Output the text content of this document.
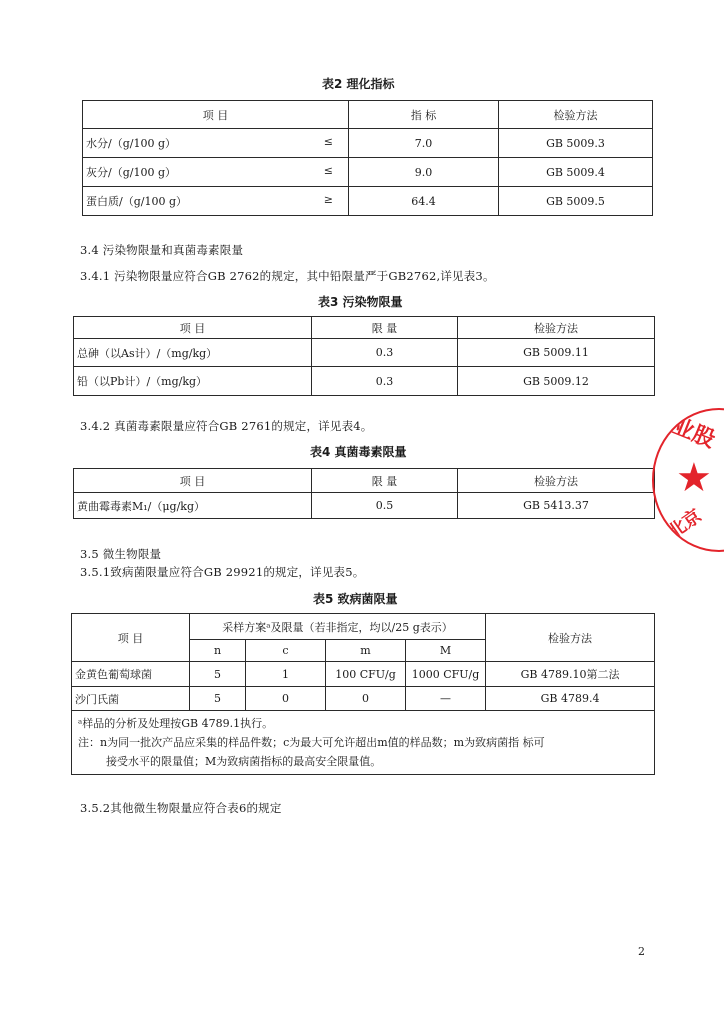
表2 理化指标
项 目	指 标	检验方法
水分/（g/100 g） ≤	7.0	GB 5009.3
灰分/（g/100 g） ≤	9.0	GB 5009.4
蛋白质/（g/100 g） ≥	64.4	GB 5009.5
3.4 污染物限量和真菌毒素限量
3.4.1 污染物限量应符合GB 2762的规定，其中铅限量严于GB2762,详见表3。
表3 污染物限量
项 目	限 量	检验方法
总砷（以As计）/（mg/kg）	0.3	GB 5009.11
铅（以Pb计）/（mg/kg）	0.3	GB 5009.12
3.4.2 真菌毒素限量应符合GB 2761的规定，详见表4。
表4 真菌毒素限量
项 目	限 量	检验方法
黄曲霉毒素M₁/（μg/kg）	0.5	GB 5413.37
3.5 微生物限量
3.5.1致病菌限量应符合GB 29921的规定，详见表5。
表5 致病菌限量
项 目	采样方案ᵃ及限量（若非指定，均以/25 g表示）				检验方法
	n	c	m	M	
金黄色葡萄球菌	5	1	100 CFU/g	1000 CFU/g	GB 4789.10第二法
沙门氏菌	5	0	0	—	GB 4789.4

ᵃ样品的分析及处理按GB 4789.1执行。
注：n为同一批次产品应采集的样品件数；c为最大可允许超出m值的样品数；m为致病菌指 标可
接受水平的限量值；M为致病菌指标的最高安全限量值。					
3.5.2其他微生物限量应符合表6的规定
业股
★
北京
2
